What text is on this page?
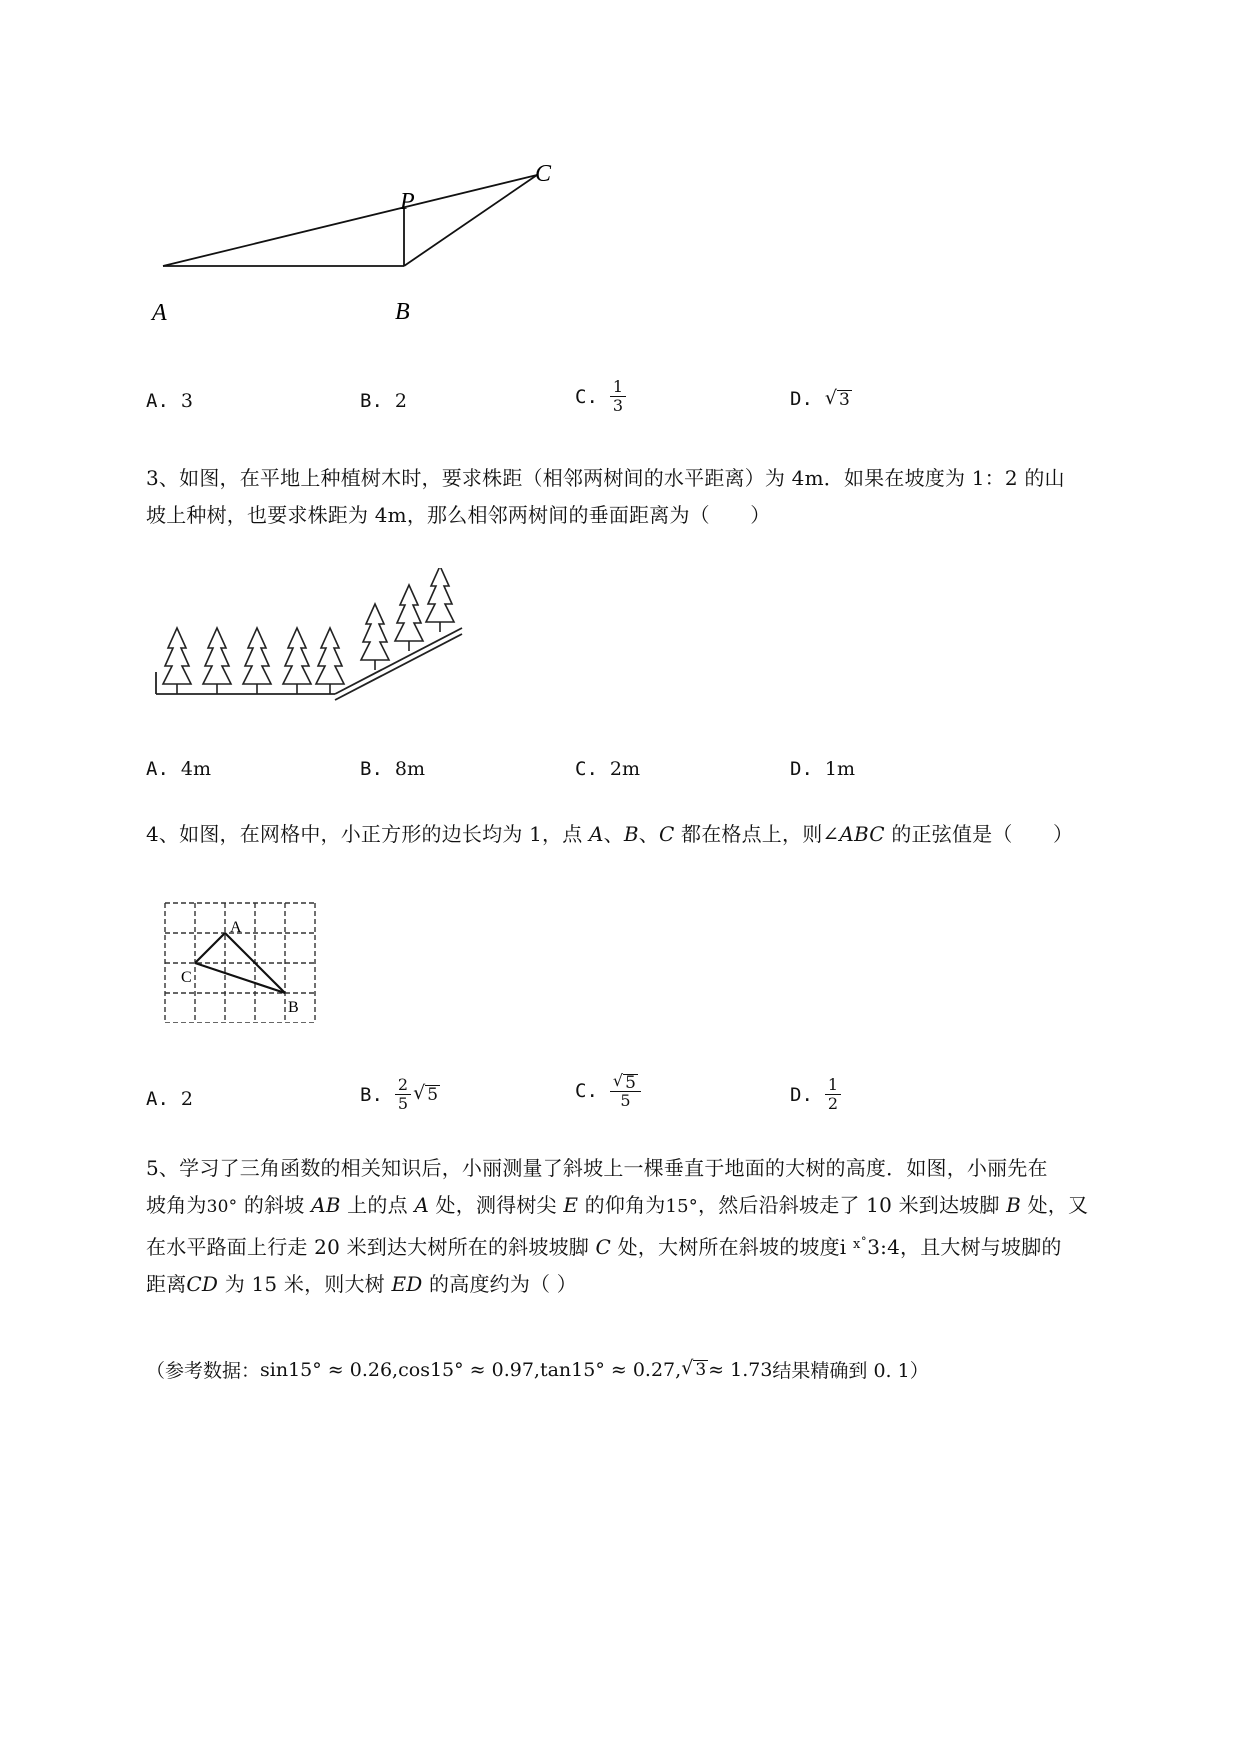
A	B
C
P
A. 3	B. 2	C. $\frac{1}{3}$	D. √ 3
3、如图，在平地上种植树木时，要求株距（相邻两树间的水平距离）为 4m．如果在坡度为 1：2 的山
坡上种树，也要求株距为 4m，那么相邻两树间的垂面距离为（　　）
A. 4m	B. 8m	C. 2m	D. 1m
4、如图，在网格中，小正方形的边长均为 1，点 A、B、C 都在格点上，则∠ABC 的正弦值是（　　）
A
C
B
A. 2	B. $\frac{2}{5}$ √ 5	C. $\frac{√ 5}{5}$	D. $\frac{1}{2}$
5、学习了三角函数的相关知识后，小丽测量了斜坡上一棵垂直于地面的大树的高度．如图，小丽先在
坡角为30° 的斜坡 AB 上的点 A 处，测得树尖 E 的仰角为15°，然后沿斜坡走了 10 米到达坡脚 B 处，又
在水平路面上行走 20 米到达大树所在的斜坡坡脚 C 处，大树所在斜坡的坡度i $^{ⅹ˚}$3:4，且大树与坡脚的
距离CD 为 15 米，则大树 ED 的高度约为（ ）
（参考数据： sin15° ≈ 0.26, cos15° ≈ 0.97, tan15° ≈ 0.27, √ 3 ≈ 1.73 结果精确到 0. 1）
